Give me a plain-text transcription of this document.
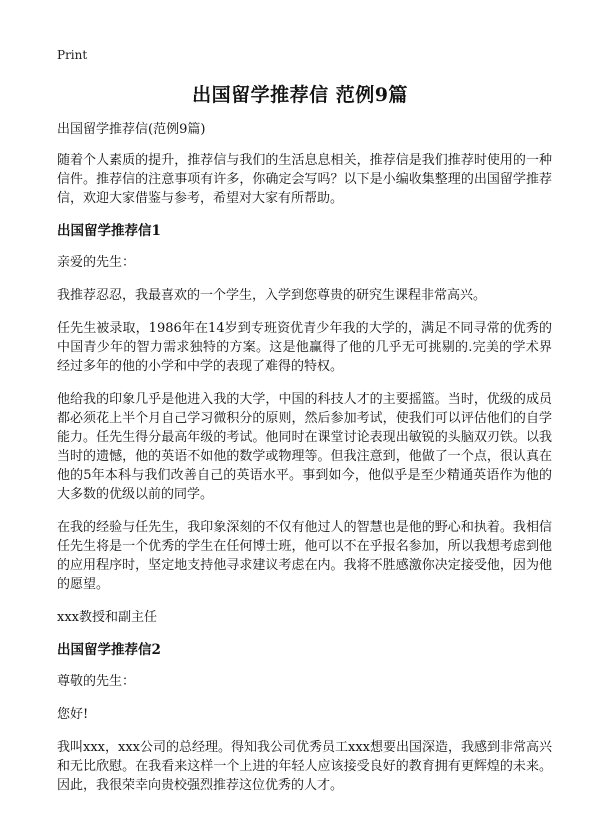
Print
出国留学推荐信 范例9篇

出国留学推荐信(范例9篇)

随着个人素质的提升，推荐信与我们的生活息息相关，推荐信是我们推荐时使用的一种信件。推荐信的注意事项有许多，你确定会写吗？以下是小编收集整理的出国留学推荐信，欢迎大家借鉴与参考，希望对大家有所帮助。

出国留学推荐信1

亲爱的先生：

我推荐忍忍，我最喜欢的一个学生，入学到您尊贵的研究生课程非常高兴。

任先生被录取，1986年在14岁到专班资优青少年我的大学的，满足不同寻常的优秀的中国青少年的智力需求独特的方案。这是他赢得了他的几乎无可挑剔的.完美的学术界经过多年的他的小学和中学的表现了难得的特权。

他给我的印象几乎是他进入我的大学，中国的科技人才的主要摇篮。当时，优级的成员都必须花上半个月自己学习微积分的原则，然后参加考试，使我们可以评估他们的自学能力。任先生得分最高年级的考试。他同时在课堂讨论表现出敏锐的头脑双刃铁。以我当时的遗憾，他的英语不如他的数学或物理等。但我注意到，他做了一个点，很认真在他的5年本科与我们改善自己的英语水平。事到如今，他似乎是至少精通英语作为他的大多数的优级以前的同学。

在我的经验与任先生，我印象深刻的不仅有他过人的智慧也是他的野心和执着。我相信任先生将是一个优秀的学生在任何博士班，他可以不在乎报名参加，所以我想考虑到他的应用程序时，坚定地支持他寻求建议考虑在内。我将不胜感激你决定接受他，因为他的愿望。

xxx教授和副主任

出国留学推荐信2

尊敬的先生：

您好!

我叫xxx，xxx公司的总经理。得知我公司优秀员工xxx想要出国深造，我感到非常高兴和无比欣慰。在我看来这样一个上进的年轻人应该接受良好的教育拥有更辉煌的未来。因此，我很荣幸向贵校强烈推荐这位优秀的人才。
